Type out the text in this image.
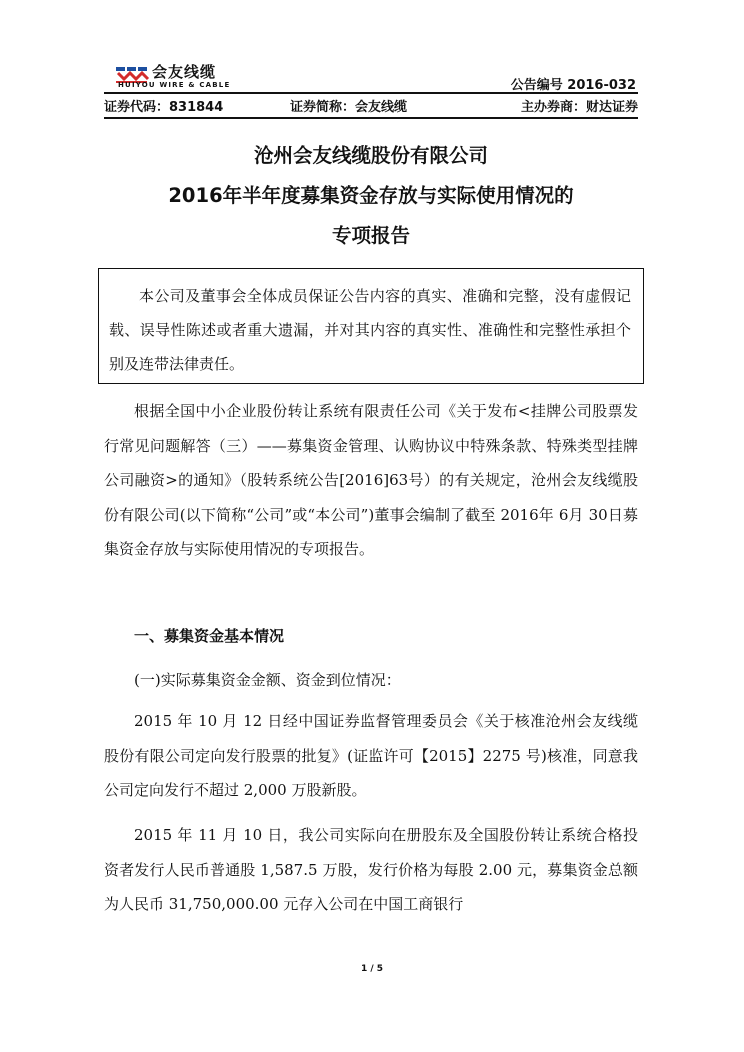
会友线缆
HUIYOU WIRE & CABLE	公告编号 2016-032
证券代码：831844	证券简称：会友线缆	主办券商：财达证券
沧州会友线缆股份有限公司
2016年半年度募集资金存放与实际使用情况的
专项报告
本公司及董事会全体成员保证公告内容的真实、准确和完整，没有虚假记载、误导性陈述或者重大遗漏，并对其内容的真实性、准确性和完整性承担个别及连带法律责任。

根据全国中小企业股份转让系统有限责任公司《关于发布<挂牌公司股票发行常见问题解答（三）——募集资金管理、认购协议中特殊条款、特殊类型挂牌公司融资>的通知》（股转系统公告[2016]63号）的有关规定，沧州会友线缆股份有限公司(以下简称“公司”或“本公司”)董事会编制了截至 2016年 6月 30日募集资金存放与实际使用情况的专项报告。

一、募集资金基本情况
(一)实际募集资金金额、资金到位情况：

2015 年 10 月 12 日经中国证券监督管理委员会《关于核准沧州会友线缆股份有限公司定向发行股票的批复》(证监许可【2015】2275 号)核准，同意我公司定向发行不超过 2,000 万股新股。

2015 年 11 月 10 日，我公司实际向在册股东及全国股份转让系统合格投资者发行人民币普通股 1,587.5 万股，发行价格为每股 2.00 元，募集资金总额为人民币 31,750,000.00 元存入公司在中国工商银行

1 / 5
